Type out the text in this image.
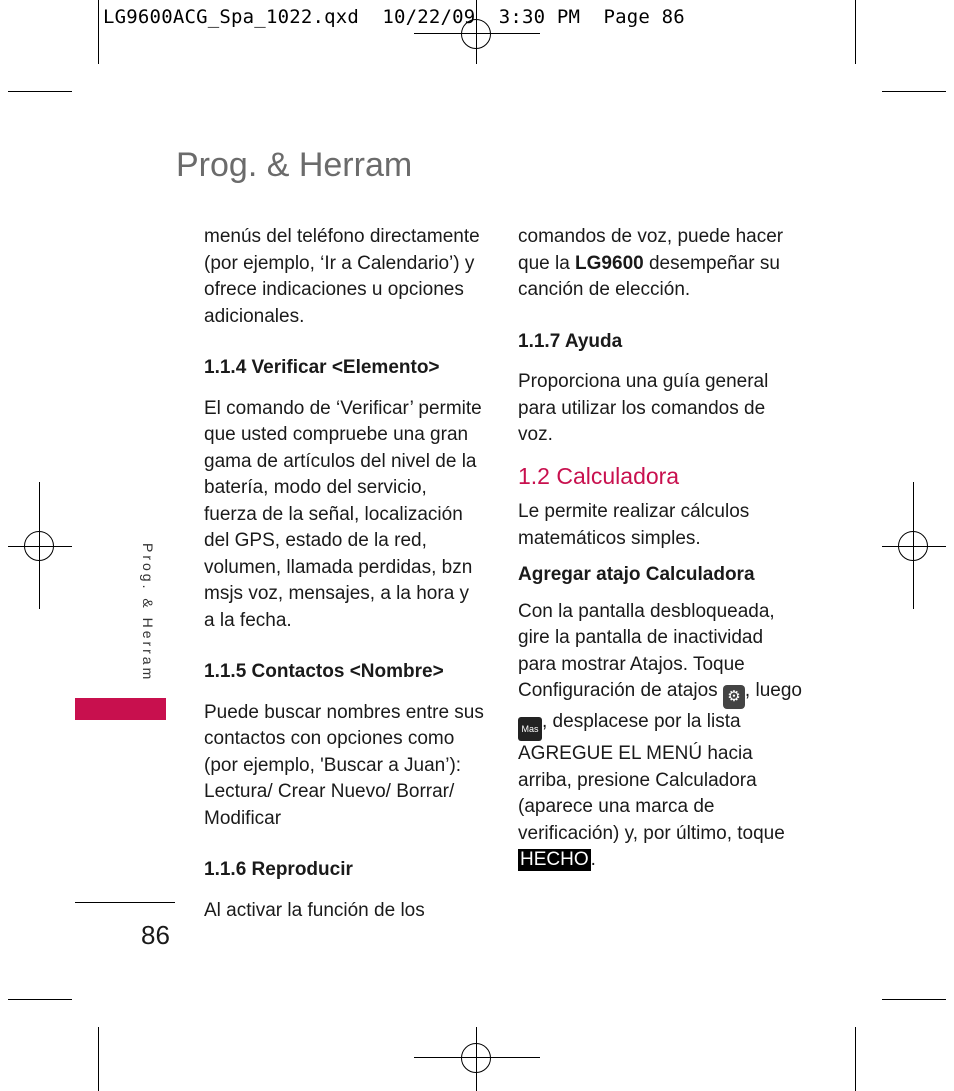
LG9600ACG_Spa_1022.qxd  10/22/09  3:30 PM  Page 86
Prog. & Herram

menús del teléfono directamente (por ejemplo, ‘Ir a Calendario’) y ofrece indicaciones u opciones adicionales.

1.1.4 Verificar <Elemento>

El comando de ‘Verificar’ permite que usted compruebe una gran gama de artículos del nivel de la batería, modo del servicio, fuerza de la señal, localización del GPS, estado de la red, volumen, llamada perdidas, bzn msjs voz, mensajes, a la hora y a la fecha.

1.1.5 Contactos <Nombre>

Puede buscar nombres entre sus contactos con opciones como (por ejemplo, 'Buscar a Juan’): Lectura/ Crear Nuevo/ Borrar/ Modificar

1.1.6 Reproducir

Al activar la función de los

comandos de voz, puede hacer que la LG9600 desempeñar su canción de elección.

1.1.7 Ayuda

Proporciona una guía general para utilizar los comandos de voz.

1.2 Calculadora

Le permite realizar cálculos matemáticos simples.

Agregar atajo Calculadora

Con la pantalla desbloqueada, gire la pantalla de inactividad para mostrar Atajos. Toque Configuración de atajos ⚙ , luego Mas , desplacese por la lista AGREGUE EL MENÚ hacia arriba, presione Calculadora (aparece una marca de verificación) y, por último, toque HECHO .

Prog. & Herram
86
